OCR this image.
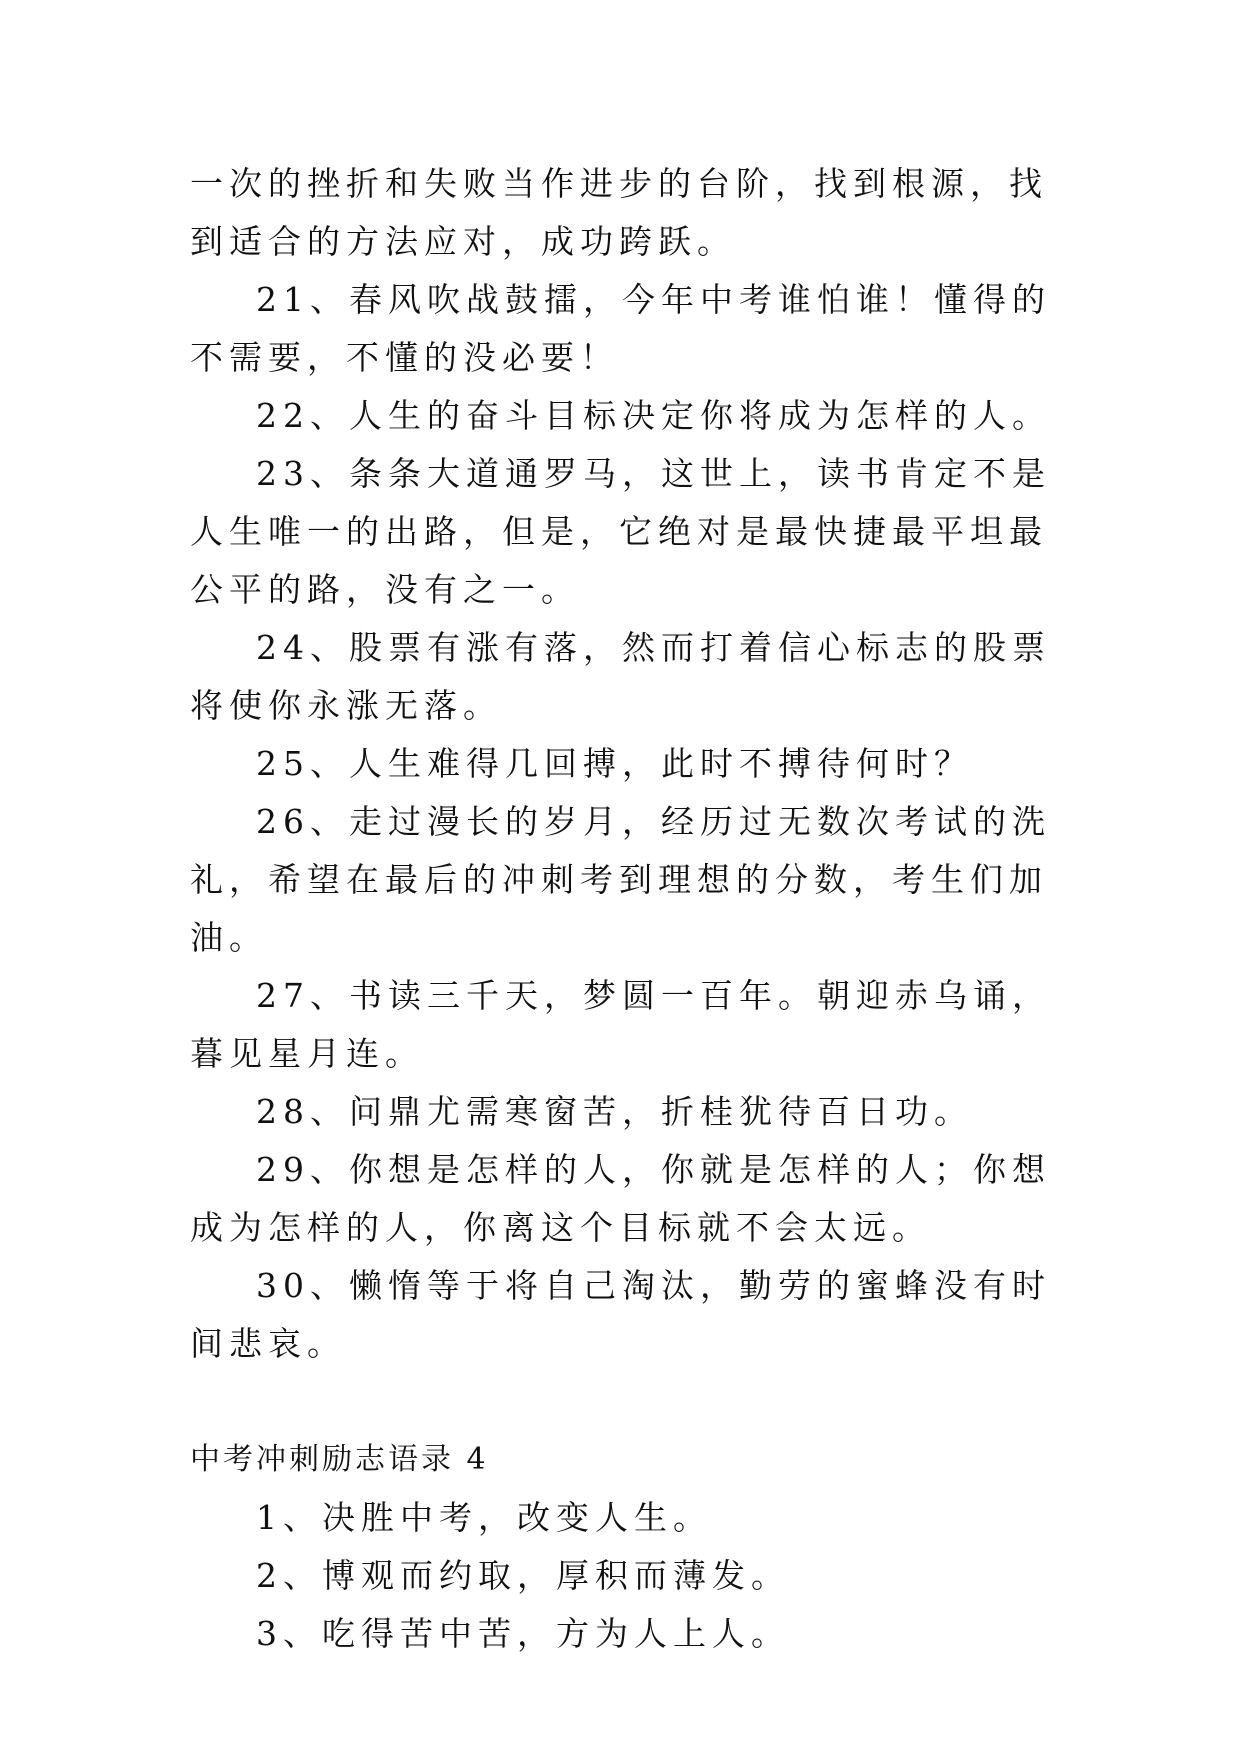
一次的挫折和失败当作进步的台阶，找到根源，找到适合的方法应对，成功跨跃。

21、春风吹战鼓擂，今年中考谁怕谁！懂得的不需要，不懂的没必要！

22、人生的奋斗目标决定你将成为怎样的人。

23、条条大道通罗马，这世上，读书肯定不是人生唯一的出路，但是，它绝对是最快捷最平坦最公平的路，没有之一。

24、股票有涨有落，然而打着信心标志的股票将使你永涨无落。

25、人生难得几回搏，此时不搏待何时？

26、走过漫长的岁月，经历过无数次考试的洗礼，希望在最后的冲刺考到理想的分数，考生们加油。

27、书读三千天，梦圆一百年。朝迎赤乌诵，暮见星月连。

28、问鼎尤需寒窗苦，折桂犹待百日功。

29、你想是怎样的人，你就是怎样的人；你想成为怎样的人，你离这个目标就不会太远。

30、懒惰等于将自己淘汰，勤劳的蜜蜂没有时间悲哀。

中考冲刺励志语录 4

1、决胜中考，改变人生。

2、博观而约取，厚积而薄发。

3、吃得苦中苦，方为人上人。
